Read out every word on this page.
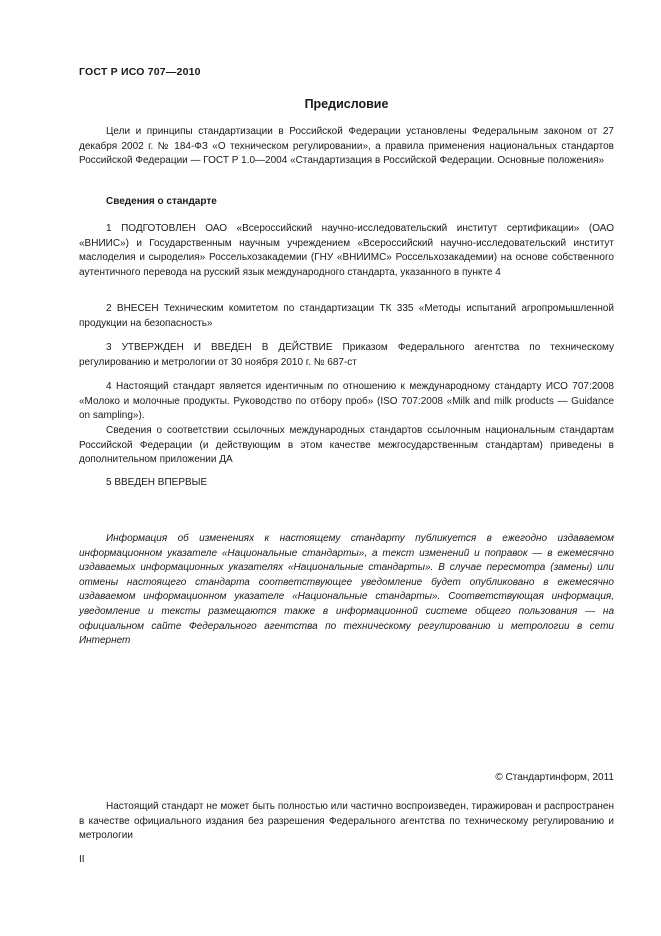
ГОСТ Р ИСО 707—2010
Предисловие
Цели и принципы стандартизации в Российской Федерации установлены Федеральным законом от 27 декабря 2002 г. № 184-ФЗ «О техническом регулировании», а правила применения национальных стандартов Российской Федерации — ГОСТ Р 1.0—2004 «Стандартизация в Российской Федерации. Основные положения»
Сведения о стандарте
1 ПОДГОТОВЛЕН ОАО «Всероссийский научно-исследовательский институт сертификации» (ОАО «ВНИИС») и Государственным научным учреждением «Всероссийский научно-исследовательский институт маслоделия и сыроделия» Россельхозакадемии (ГНУ «ВНИИМС» Россельхозакадемии) на основе собственного аутентичного перевода на русский язык международного стандарта, указанного в пункте 4
2 ВНЕСЕН Техническим комитетом по стандартизации ТК 335 «Методы испытаний агропромышленной продукции на безопасность»
3 УТВЕРЖДЕН И ВВЕДЕН В ДЕЙСТВИЕ Приказом Федерального агентства по техническому регулированию и метрологии от 30 ноября 2010 г. № 687-ст
4 Настоящий стандарт является идентичным по отношению к международному стандарту ИСО 707:2008 «Молоко и молочные продукты. Руководство по отбору проб» (ISO 707:2008 «Milk and milk products — Guidance on sampling»).
Сведения о соответствии ссылочных международных стандартов ссылочным национальным стандартам Российской Федерации (и действующим в этом качестве межгосударственным стандартам) приведены в дополнительном приложении ДА
5 ВВЕДЕН ВПЕРВЫЕ
Информация об изменениях к настоящему стандарту публикуется в ежегодно издаваемом информационном указателе «Национальные стандарты», а текст изменений и поправок — в ежемесячно издаваемых информационных указателях «Национальные стандарты». В случае пересмотра (замены) или отмены настоящего стандарта соответствующее уведомление будет опубликовано в ежемесячно издаваемом информационном указателе «Национальные стандарты». Соответствующая информация, уведомление и тексты размещаются также в информационной системе общего пользования — на официальном сайте Федерального агентства по техническому регулированию и метрологии в сети Интернет
© Стандартинформ, 2011
Настоящий стандарт не может быть полностью или частично воспроизведен, тиражирован и распространен в качестве официального издания без разрешения Федерального агентства по техническому регулированию и метрологии
II
